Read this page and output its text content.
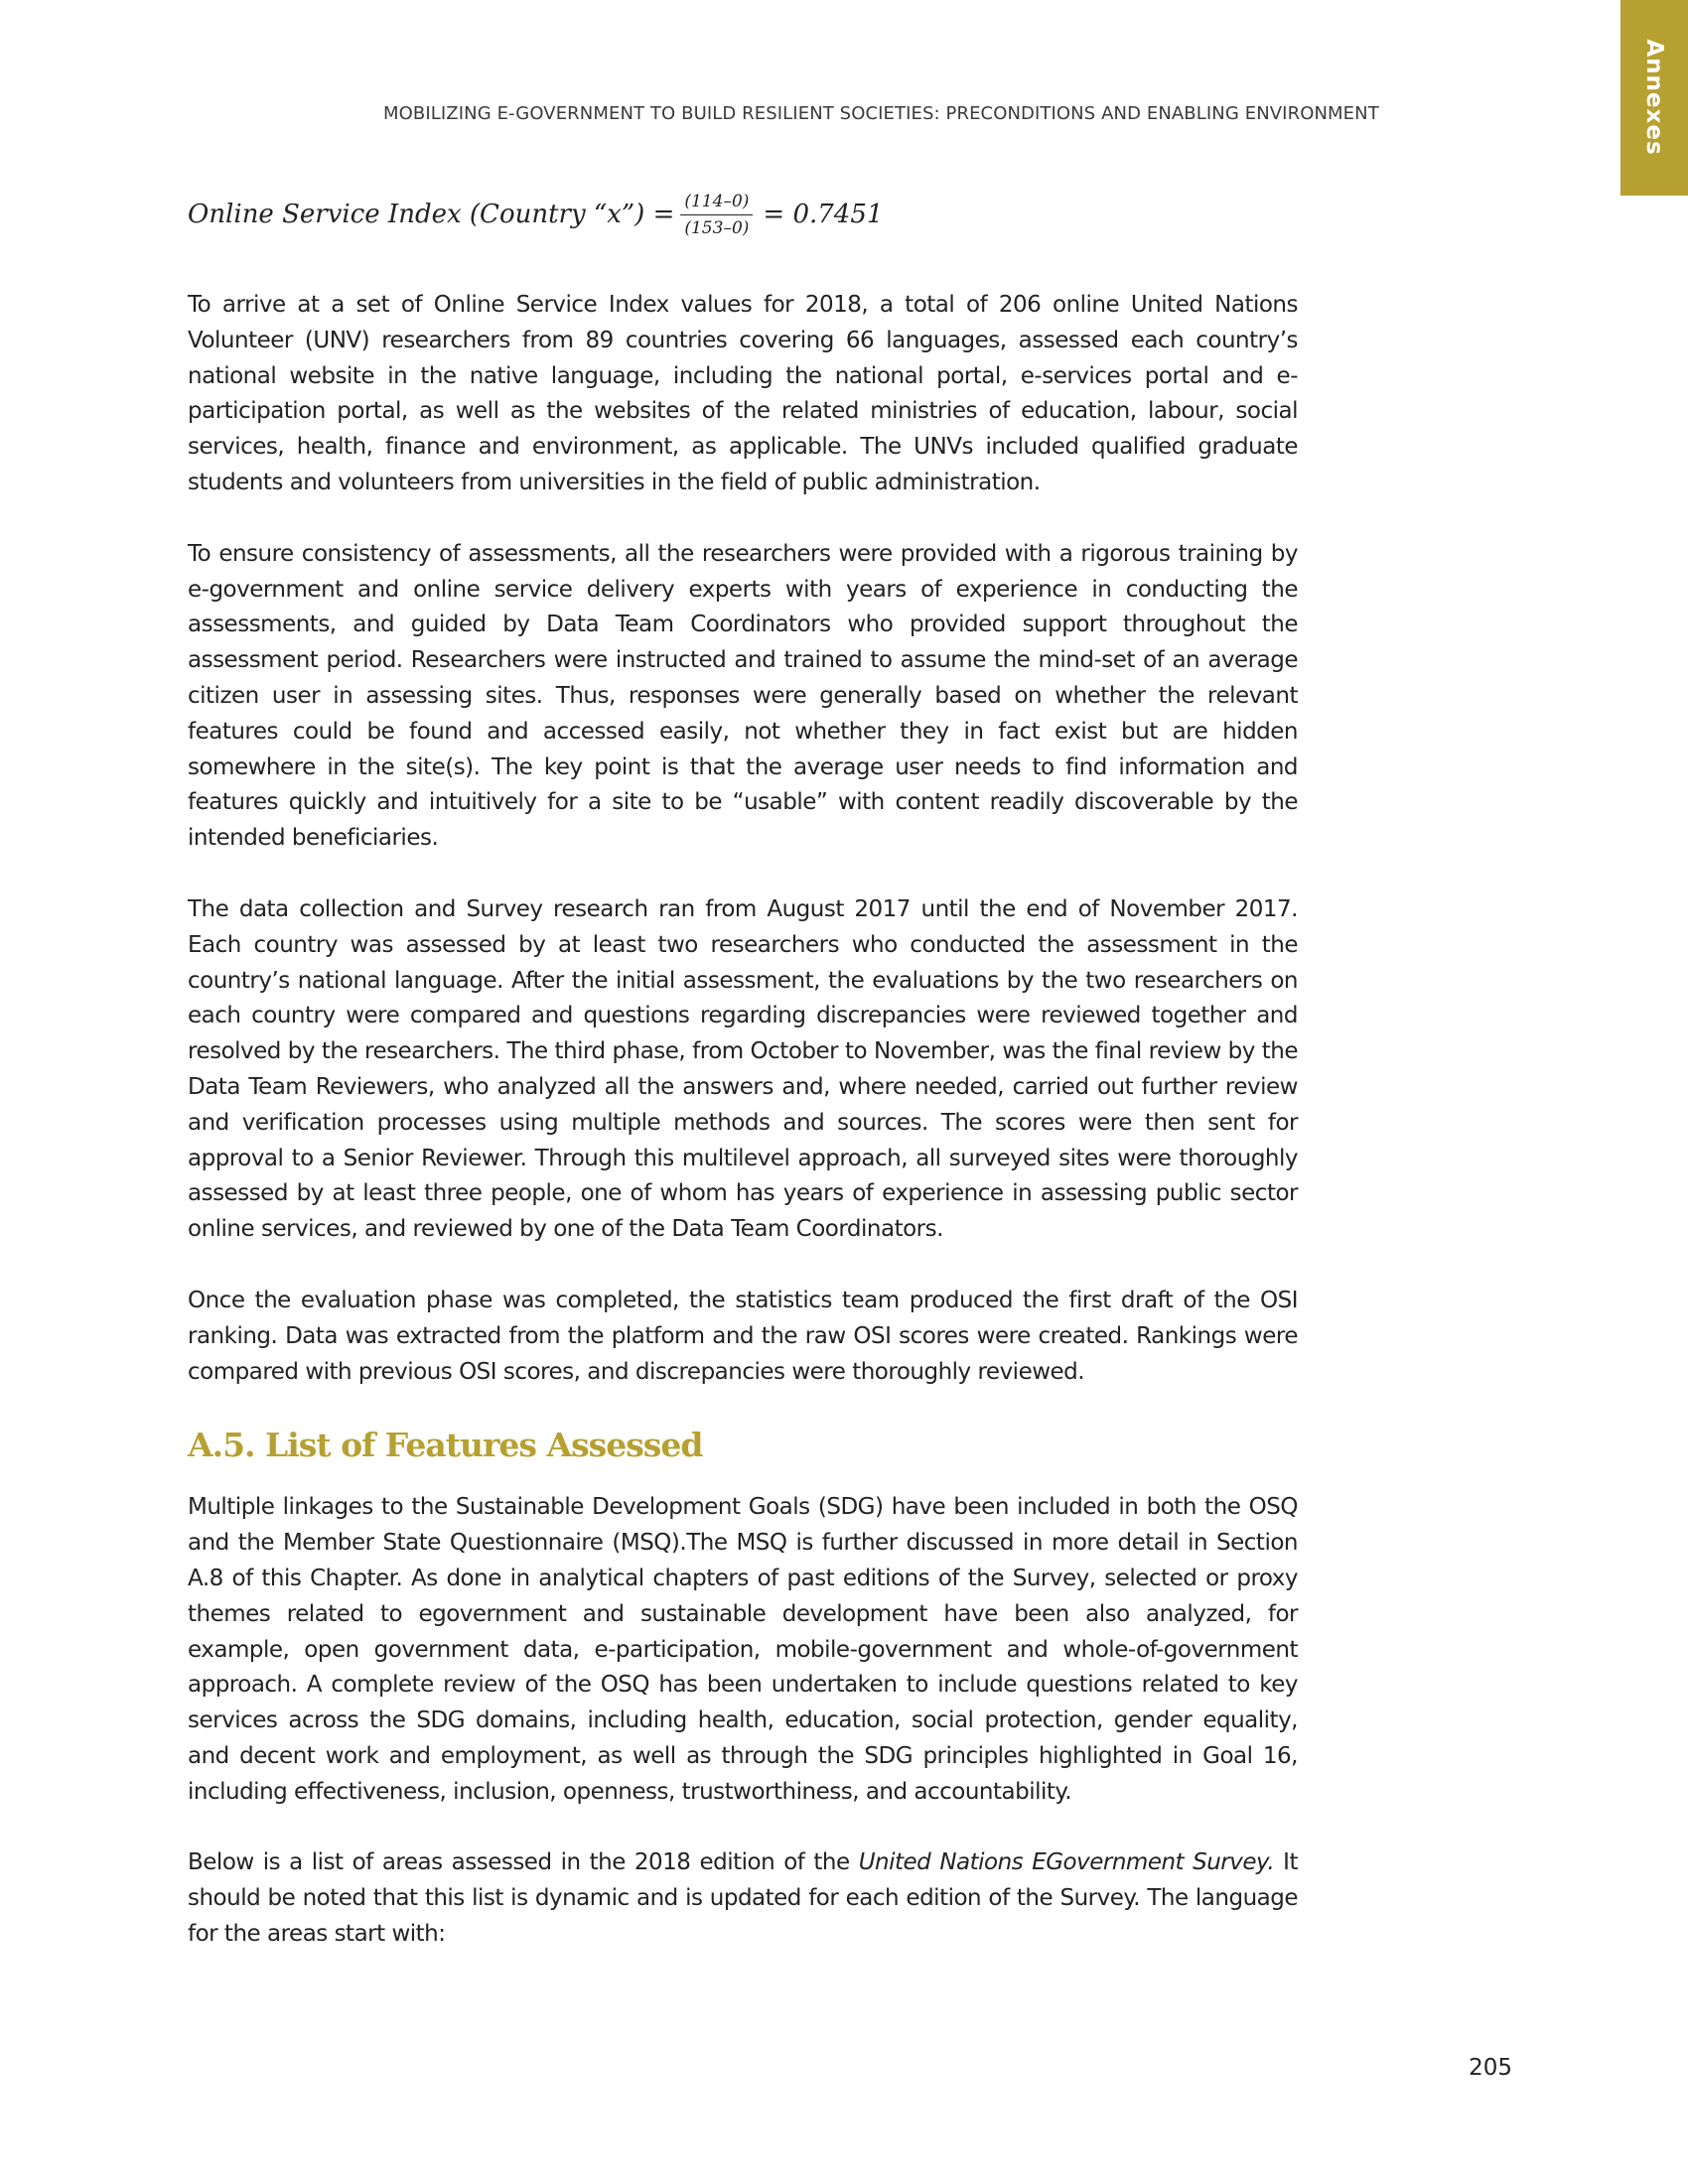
MOBILIZING E-GOVERNMENT TO BUILD RESILIENT SOCIETIES: PRECONDITIONS AND ENABLING ENVIRONMENT	Annexes
Online Service Index (Country “x”) = $\frac{(114-0)}{(153-0)} = 0.7451$

To arrive at a set of Online Service Index values for 2018, a total of 206 online United Nations Volunteer (UNV) researchers from 89 countries covering 66 languages, assessed each country’s national website in the native language, including the national portal, e-services portal and e-participation portal, as well as the websites of the related ministries of education, labour, social services, health, finance and environment, as applicable. The UNVs included qualified graduate students and volunteers from universities in the field of public administration.

To ensure consistency of assessments, all the researchers were provided with a rigorous training by e-government and online service delivery experts with years of experience in conducting the assessments, and guided by Data Team Coordinators who provided support throughout the assessment period. Researchers were instructed and trained to assume the mind-set of an average citizen user in assessing sites. Thus, responses were generally based on whether the relevant features could be found and accessed easily, not whether they in fact exist but are hidden somewhere in the site(s). The key point is that the average user needs to find information and features quickly and intuitively for a site to be “usable” with content readily discoverable by the intended beneficiaries.

The data collection and Survey research ran from August 2017 until the end of November 2017. Each country was assessed by at least two researchers who conducted the assessment in the country’s national language. After the initial assessment, the evaluations by the two researchers on each country were compared and questions regarding discrepancies were reviewed together and resolved by the researchers. The third phase, from October to November, was the final review by the Data Team Reviewers, who analyzed all the answers and, where needed, carried out further review and verification processes using multiple methods and sources. The scores were then sent for approval to a Senior Reviewer. Through this multilevel approach, all surveyed sites were thoroughly assessed by at least three people, one of whom has years of experience in assessing public sector online services, and reviewed by one of the Data Team Coordinators.

Once the evaluation phase was completed, the statistics team produced the first draft of the OSI ranking. Data was extracted from the platform and the raw OSI scores were created. Rankings were compared with previous OSI scores, and discrepancies were thoroughly reviewed.

A.5. List of Features Assessed

Multiple linkages to the Sustainable Development Goals (SDG) have been included in both the OSQ and the Member State Questionnaire (MSQ).The MSQ is further discussed in more detail in Section A.8 of this Chapter. As done in analytical chapters of past editions of the Survey, selected or proxy themes related to egovernment and sustainable development have been also analyzed, for example, open government data, e-participation, mobile-government and whole-of-government approach. A complete review of the OSQ has been undertaken to include questions related to key services across the SDG domains, including health, education, social protection, gender equality, and decent work and employment, as well as through the SDG principles highlighted in Goal 16, including effectiveness, inclusion, openness, trustworthiness, and accountability.

Below is a list of areas assessed in the 2018 edition of the United Nations EGovernment Survey. It should be noted that this list is dynamic and is updated for each edition of the Survey. The language for the areas start with:

205
